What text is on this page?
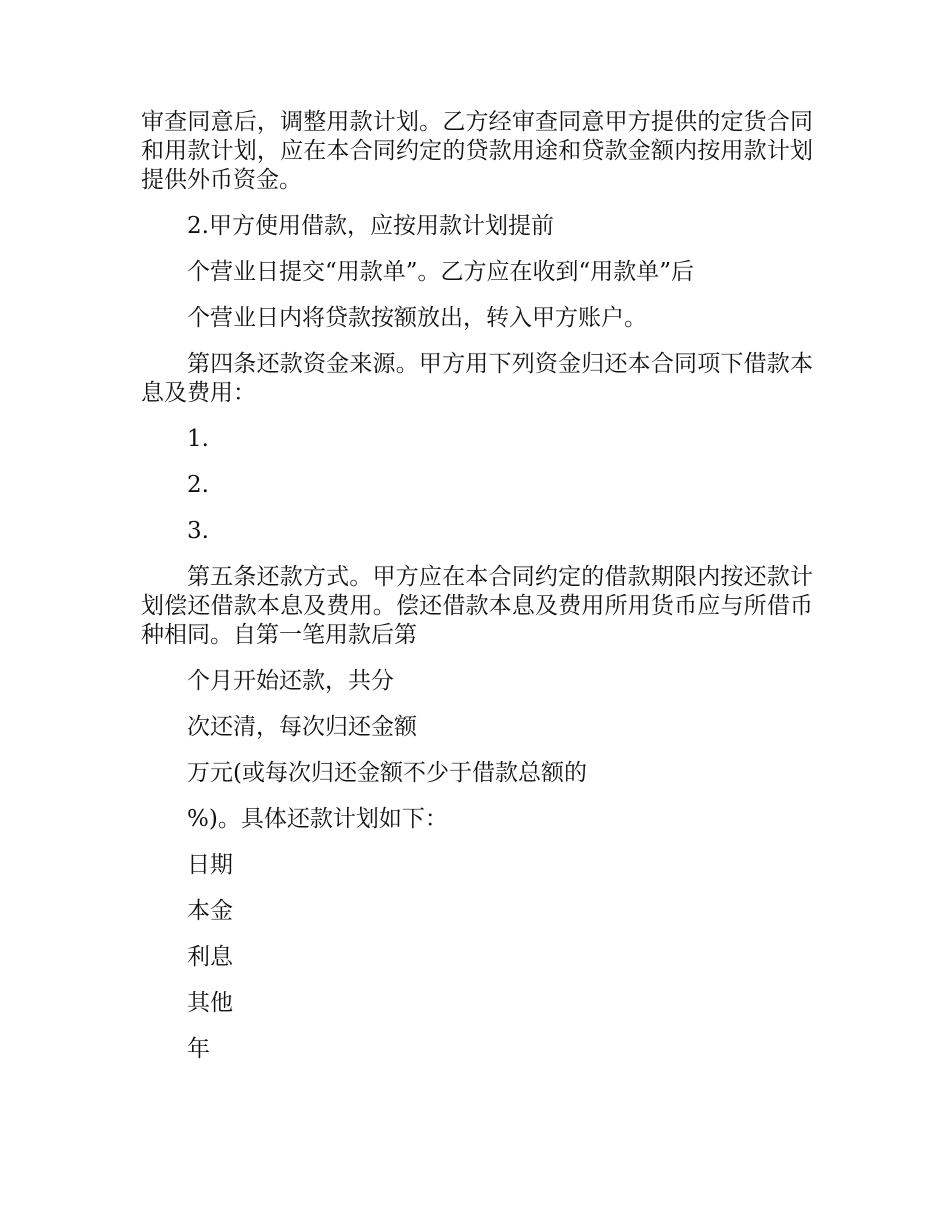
审查同意后，调整用款计划。乙方经审查同意甲方提供的定货合同和用款计划，应在本合同约定的贷款用途和贷款金额内按用款计划提供外币资金。

2.甲方使用借款，应按用款计划提前

个营业日提交“用款单”。乙方应在收到“用款单”后

个营业日内将贷款按额放出，转入甲方账户。

第四条还款资金来源。甲方用下列资金归还本合同项下借款本息及费用：

1.

2.

3.

第五条还款方式。甲方应在本合同约定的借款期限内按还款计划偿还借款本息及费用。偿还借款本息及费用所用货币应与所借币种相同。自第一笔用款后第

个月开始还款，共分

次还清，每次归还金额

万元(或每次归还金额不少于借款总额的

%)。具体还款计划如下：

日期

本金

利息

其他

年
